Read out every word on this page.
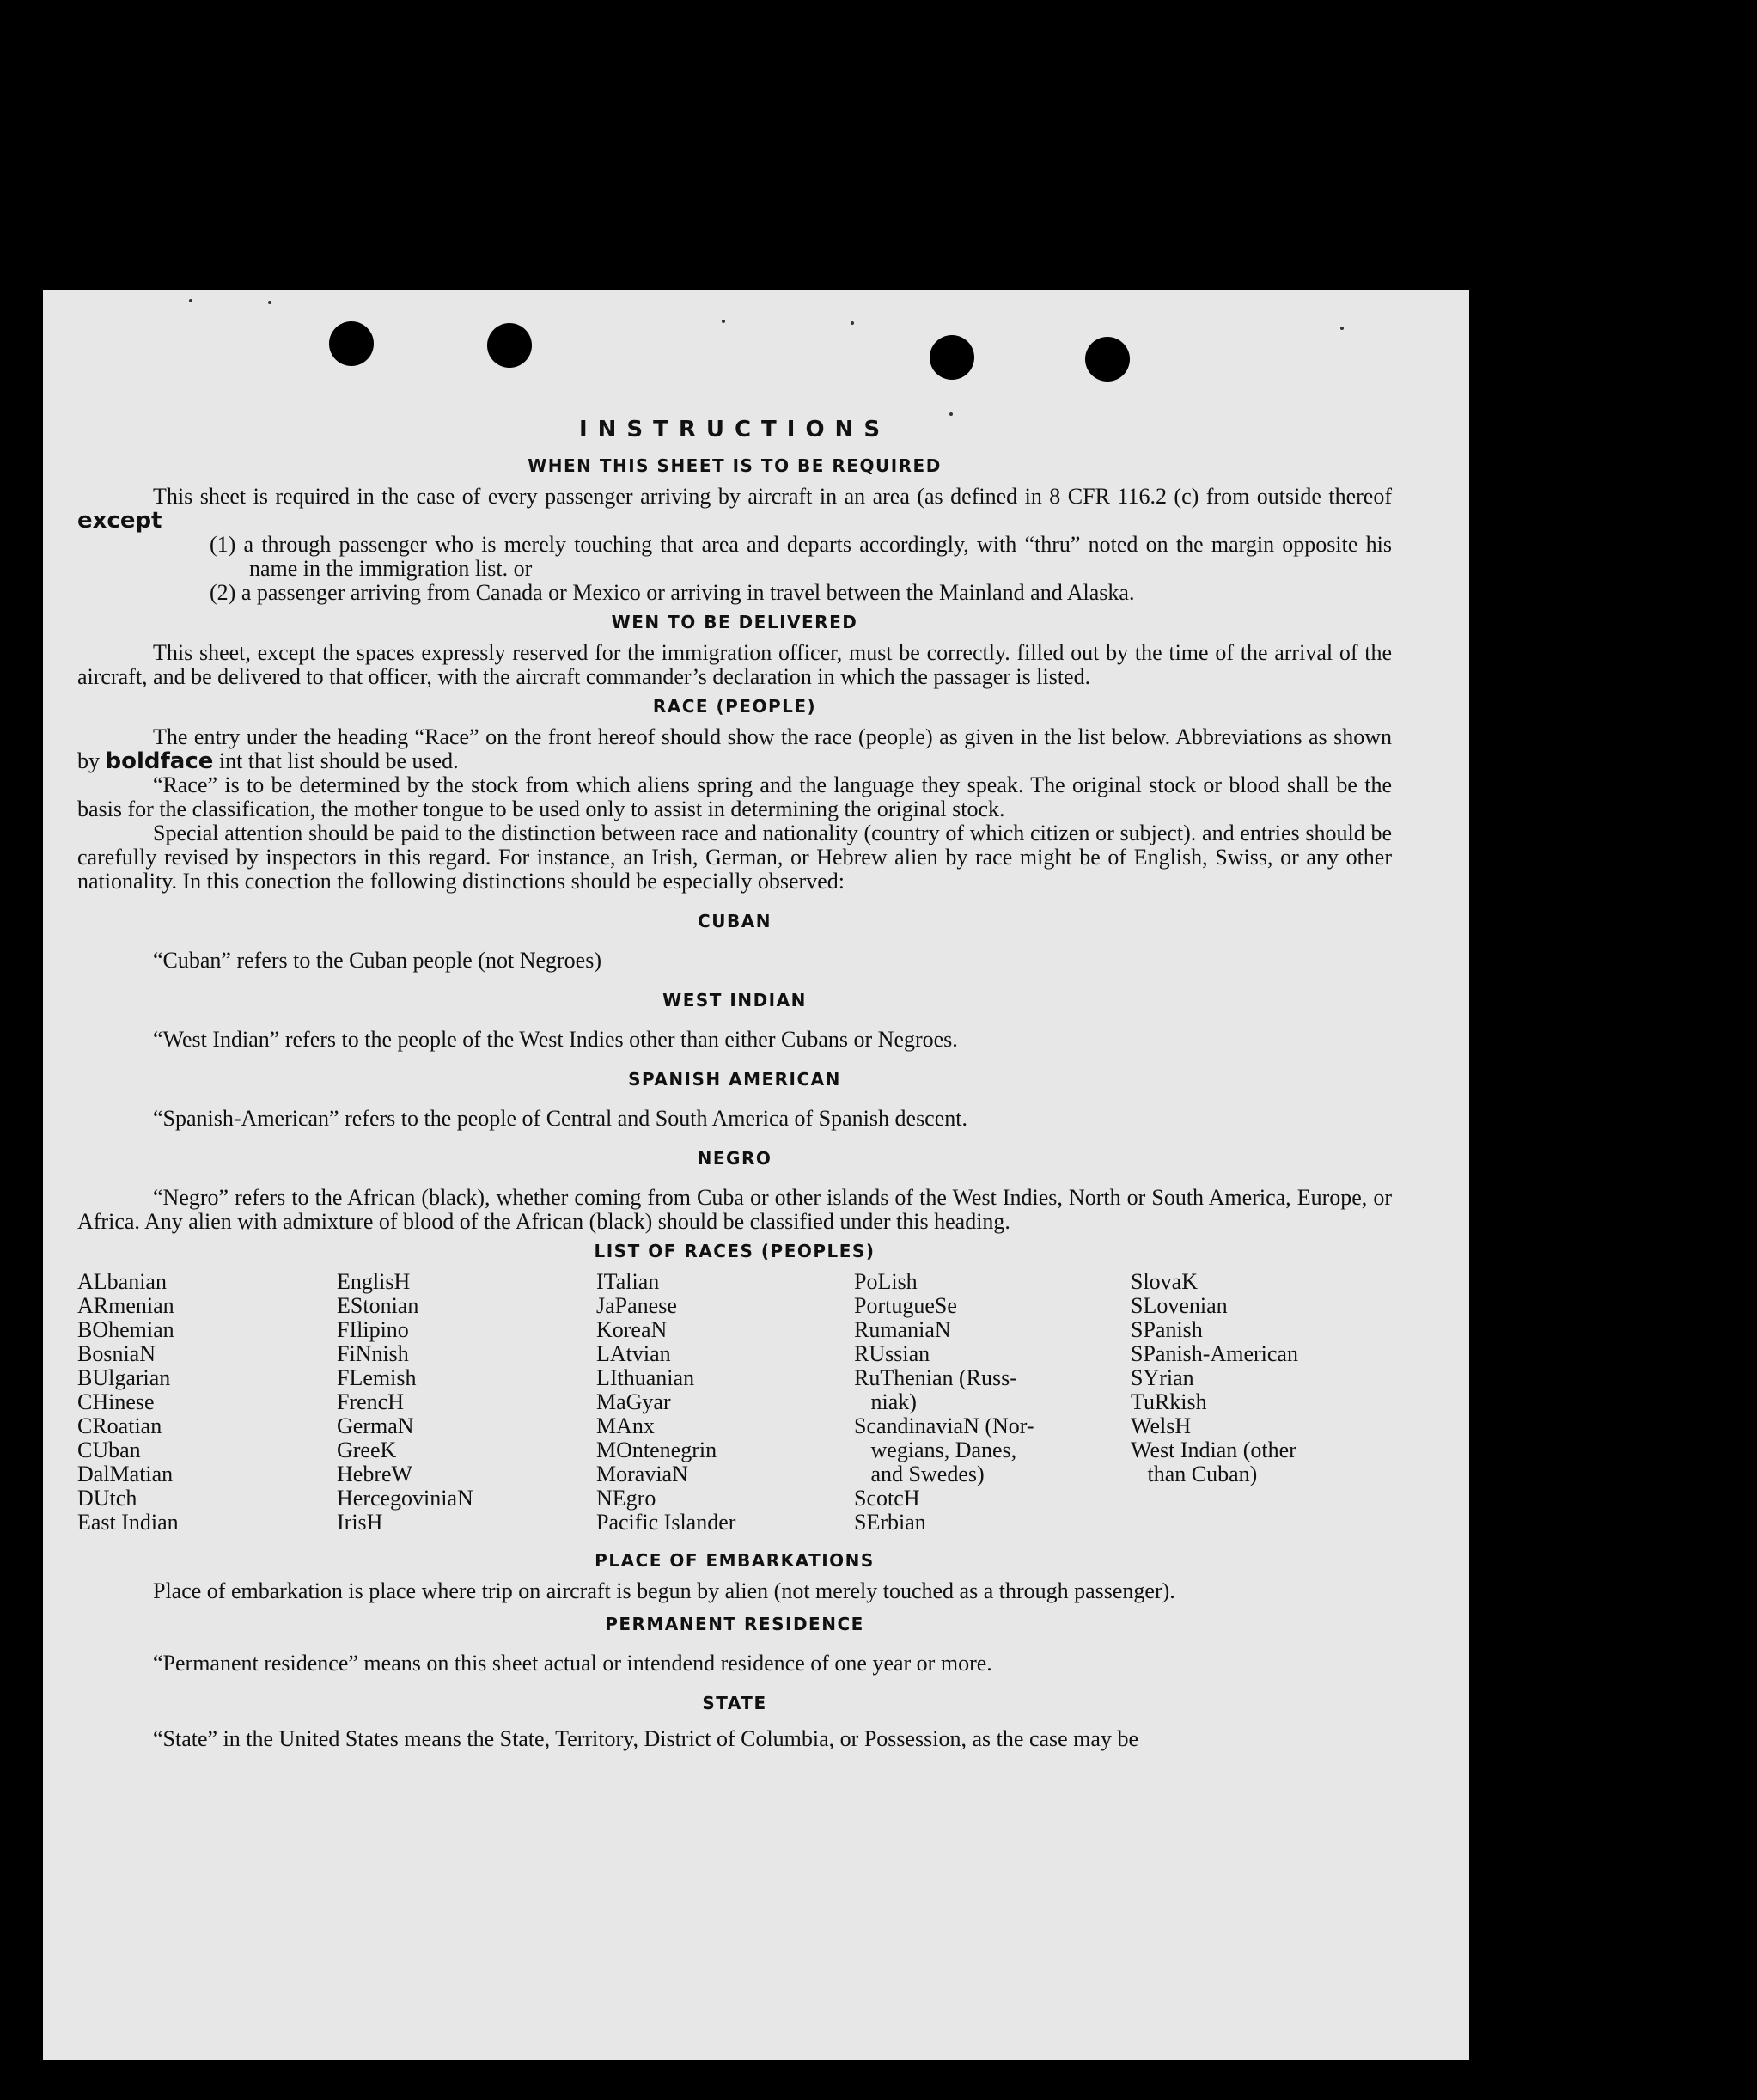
INSTRUCTIONS
WHEN THIS SHEET IS TO BE REQUIRED

This sheet is required in the case of every passenger arriving by aircraft in an area (as defined in 8 CFR 116.2 (c) from outside thereof except

(1) a through passenger who is merely touching that area and departs accordingly, with “thru” noted on the margin opposite his name in the immigration list. or

(2) a passenger arriving from Canada or Mexico or arriving in travel between the Mainland and Alaska.

WEN TO BE DELIVERED

This sheet, except the spaces expressly reserved for the immigration officer, must be correctly. filled out by the time of the arrival of the aircraft, and be delivered to that officer, with the aircraft commander’s declaration in which the passager is listed.

RACE (PEOPLE)

The entry under the heading “Race” on the front hereof should show the race (people) as given in the list below. Abbreviations as shown by boldface int that list should be used.

“Race” is to be determined by the stock from which aliens spring and the language they speak. The original stock or blood shall be the basis for the classification, the mother tongue to be used only to assist in determining the original stock.

Special attention should be paid to the distinction between race and nationality (country of which citizen or subject). and entries should be carefully revised by inspectors in this regard. For instance, an Irish, German, or Hebrew alien by race might be of English, Swiss, or any other nationality. In this conection the following distinctions should be especially observed:

CUBAN

“Cuban” refers to the Cuban people (not Negroes)

WEST INDIAN

“West Indian” refers to the people of the West Indies other than either Cubans or Negroes.

SPANISH AMERICAN

“Spanish-American” refers to the people of Central and South America of Spanish descent.

NEGRO

“Negro” refers to the African (black), whether coming from Cuba or other islands of the West Indies, North or South America, Europe, or Africa. Any alien with admixture of blood of the African (black) should be classified under this heading.

LIST OF RACES (PEOPLES)
ALbanian
ARmenian
BOhemian
BosniaN
BUlgarian
CHinese
CRoatian
CUban
DalMatian
DUtch
East Indian
EnglisH
EStonian
FIlipino
FiNnish
FLemish
FrencH
GermaN
GreeK
HebreW
HercegoviniaN
IrisH
ITalian
JaPanese
KoreaN
LAtvian
LIthuanian
MaGyar
MAnx
MOntenegrin
MoraviaN
NEgro
Pacific Islander
PoLish
PortugueSe
RumaniaN
RUssian
RuThenian (Russ-
niak)
ScandinaviaN (Nor-
wegians, Danes,
and Swedes)
ScotcH
SErbian
SlovaK
SLovenian
SPanish
SPanish-American
SYrian
TuRkish
WelsH
West Indian (other
than Cuban)
PLACE OF EMBARKATIONS

Place of embarkation is place where trip on aircraft is begun by alien (not merely touched as a through passenger).

PERMANENT RESIDENCE

“Permanent residence” means on this sheet actual or intendend residence of one year or more.

STATE

“State” in the United States means the State, Territory, District of Columbia, or Possession, as the case may be
